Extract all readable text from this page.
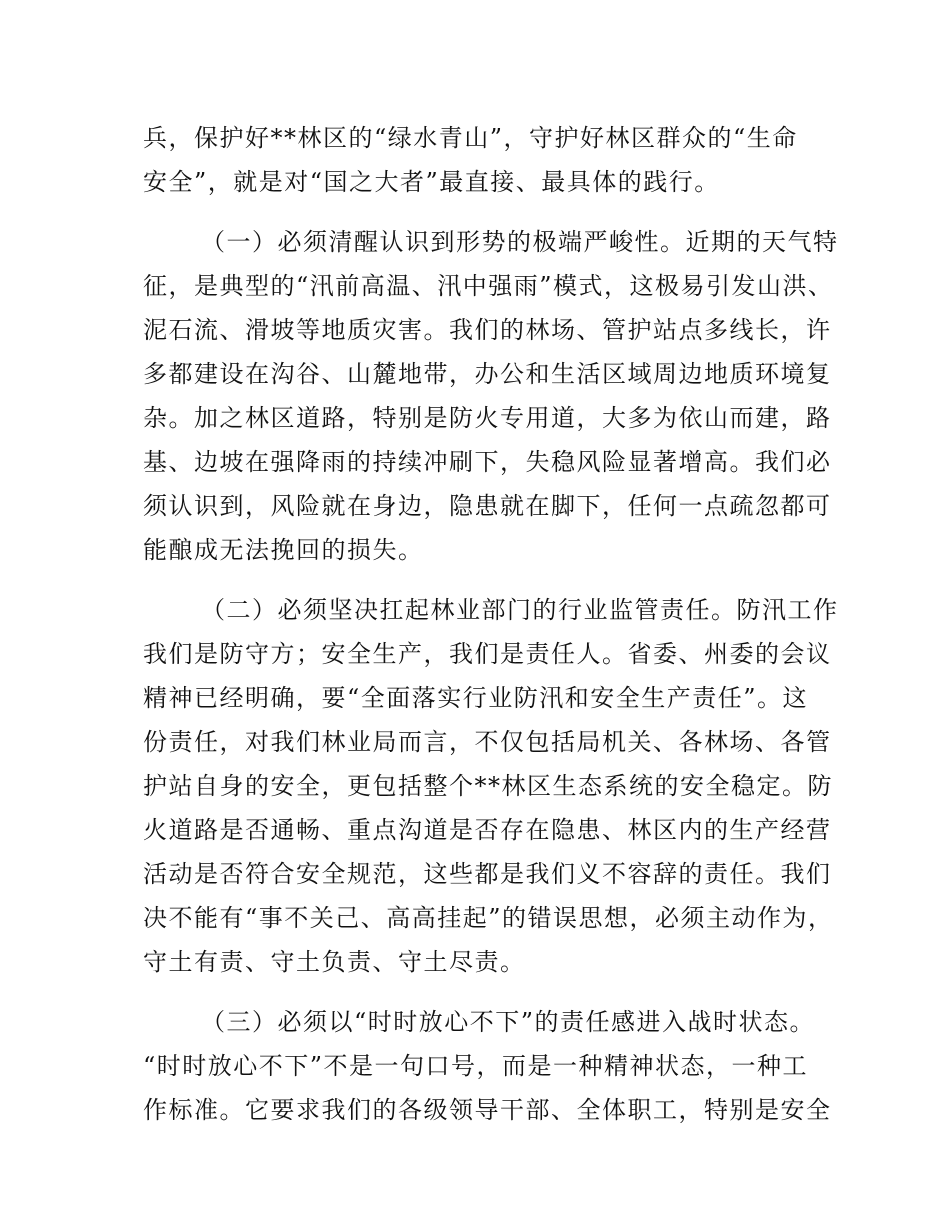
兵，保护好**林区的“绿水青山”，守护好林区群众的“生命
安全”，就是对“国之大者”最直接、最具体的践行。
（一）必须清醒认识到形势的极端严峻性。近期的天气特
征，是典型的“汛前高温、汛中强雨”模式，这极易引发山洪、
泥石流、滑坡等地质灾害。我们的林场、管护站点多线长，许
多都建设在沟谷、山麓地带，办公和生活区域周边地质环境复
杂。加之林区道路，特别是防火专用道，大多为依山而建，路
基、边坡在强降雨的持续冲刷下，失稳风险显著增高。我们必
须认识到，风险就在身边，隐患就在脚下，任何一点疏忽都可
能酿成无法挽回的损失。
（二）必须坚决扛起林业部门的行业监管责任。防汛工作
我们是防守方；安全生产，我们是责任人。省委、州委的会议
精神已经明确，要“全面落实行业防汛和安全生产责任”。这
份责任，对我们林业局而言，不仅包括局机关、各林场、各管
护站自身的安全，更包括整个**林区生态系统的安全稳定。防
火道路是否通畅、重点沟道是否存在隐患、林区内的生产经营
活动是否符合安全规范，这些都是我们义不容辞的责任。我们
决不能有“事不关己、高高挂起”的错误思想，必须主动作为，
守土有责、守土负责、守土尽责。
（三）必须以“时时放心不下”的责任感进入战时状态。
“时时放心不下”不是一句口号，而是一种精神状态，一种工
作标准。它要求我们的各级领导干部、全体职工，特别是安全
